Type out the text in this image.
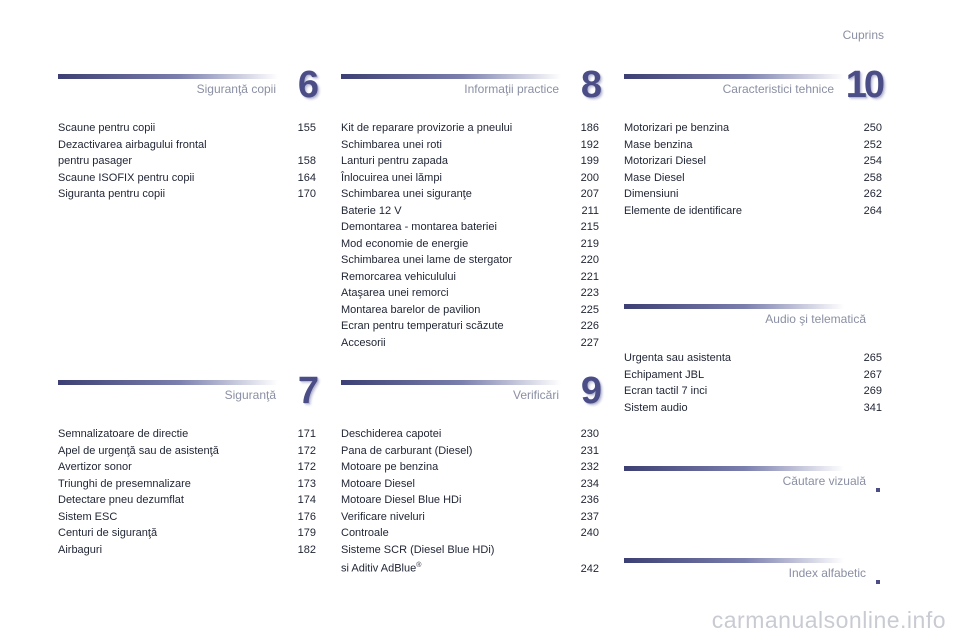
Cuprins
Siguranţă copii 6
Scaune pentru copii	155
Dezactivarea airbagului frontal
pentru pasager	158
Scaune ISOFIX pentru copii	164
Siguranta pentru copii	170
Informaţii practice 8
Kit de reparare provizorie a pneului	186
Schimbarea unei roti	192
Lanturi pentru zapada	199
Înlocuirea unei lămpi	200
Schimbarea unei siguranţe	207
Baterie 12 V	211
Demontarea - montarea bateriei	215
Mod economie de energie	219
Schimbarea unei lame de stergator	220
Remorcarea vehiculului	221
Ataşarea unei remorci	223
Montarea barelor de pavilion	225
Ecran pentru temperaturi scăzute	226
Accesorii	227
Caracteristici tehnice 10
Motorizari pe benzina	250
Mase benzina	252
Motorizari Diesel	254
Mase Diesel	258
Dimensiuni	262
Elemente de identificare	264
Siguranţă 7
Semnalizatoare de directie	171
Apel de urgenţă sau de asistenţă	172
Avertizor sonor	172
Triunghi de presemnalizare	173
Detectare pneu dezumflat	174
Sistem ESC	176
Centuri de siguranţă	179
Airbaguri	182
Verificări 9
Deschiderea capotei	230
Pana de carburant (Diesel)	231
Motoare pe benzina	232
Motoare Diesel	234
Motoare Diesel Blue HDi	236
Verificare niveluri	237
Controale	240
Sisteme SCR (Diesel Blue HDi)
si Aditiv AdBlue®	242
Audio şi telematică
Urgenta sau asistenta	265
Echipament JBL	267
Ecran tactil 7 inci	269
Sistem audio	341
Căutare vizuală
Index alfabetic
carmanualsonline.info
